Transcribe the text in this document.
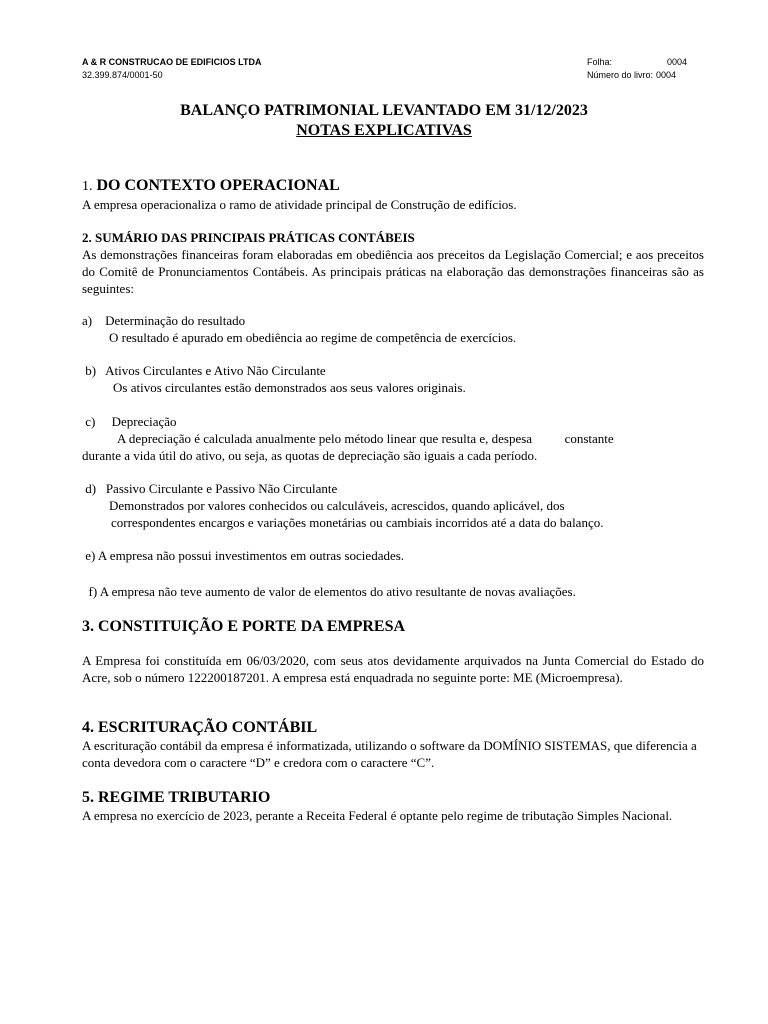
A & R CONSTRUCAO DE EDIFICIOS LTDA
32.399.874/0001-50
Folha:	0004
Número do livro: 0004
BALANÇO PATRIMONIAL LEVANTADO EM 31/12/2023
NOTAS EXPLICATIVAS
1. DO CONTEXTO OPERACIONAL
A empresa operacionaliza o ramo de atividade principal de Construção de edifícios.
2. SUMÁRIO DAS PRINCIPAIS PRÁTICAS CONTÁBEIS
As demonstrações financeiras foram elaboradas em obediência aos preceitos da Legislação Comercial; e aos preceitos do Comitê de Pronunciamentos Contábeis. As principais práticas na elaboração das demonstrações financeiras são as seguintes:
a)    Determinação do resultado
O resultado é apurado em obediência ao regime de competência de exercícios.
b)   Ativos Circulantes e Ativo Não Circulante
Os ativos circulantes estão demonstrados aos seus valores originais.
c)     Depreciação
A depreciação é calculada anualmente pelo método linear que resulta e, despesa          constante
durante a vida útil do ativo, ou seja, as quotas de depreciação são iguais a cada período.
d)   Passivo Circulante e Passivo Não Circulante
Demonstrados por valores conhecidos ou calculáveis, acrescidos, quando aplicável, dos
correspondentes encargos e variações monetárias ou cambiais incorridos até a data do balanço.
e) A empresa não possui investimentos em outras sociedades.
f) A empresa não teve aumento de valor de elementos do ativo resultante de novas avaliações.
3. CONSTITUIÇÃO E PORTE DA EMPRESA
A Empresa foi constituída em 06/03/2020, com seus atos devidamente arquivados na Junta Comercial do Estado do Acre, sob o número 122200187201. A empresa está enquadrada no seguinte porte: ME (Microempresa).
4. ESCRITURAÇÃO CONTÁBIL
A escrituração contábil da empresa é informatizada, utilizando o software da DOMÍNIO SISTEMAS, que diferencia a conta devedora com o caractere “D” e credora com o caractere “C”.
5. REGIME TRIBUTARIO
A empresa no exercício de 2023, perante a Receita Federal é optante pelo regime de tributação Simples Nacional.
